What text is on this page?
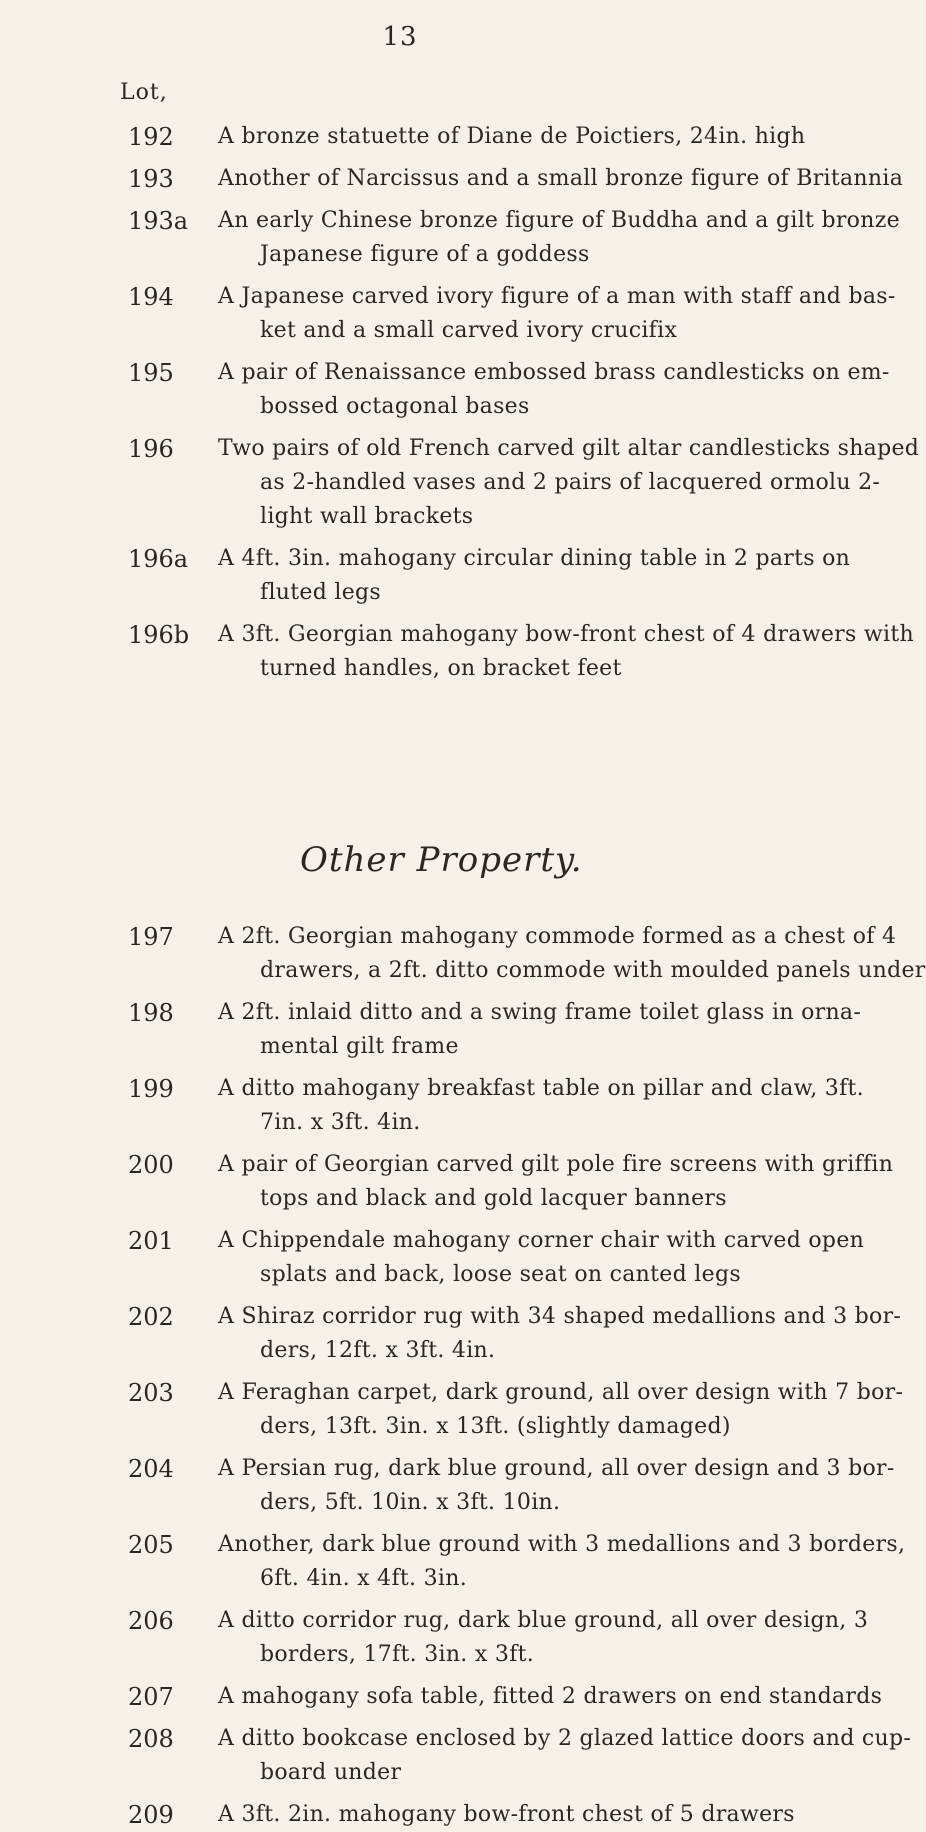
13
Lot,
Other Property.
192	A bronze statuette of Diane de Poictiers, 24in. high
193	Another of Narcissus and a small bronze figure of Britannia
193a An early Chinese bronze figure of Buddha and a gilt bronze
Japanese figure of a goddess
194	A Japanese carved ivory figure of a man with staff and bas-
ket and a small carved ivory crucifix
195	A pair of Renaissance embossed brass candlesticks on em-
bossed octagonal bases
196	Two pairs of old French carved gilt altar candlesticks shaped
as 2-handled vases and 2 pairs of lacquered ormolu 2-
light wall brackets
196a A 4ft. 3in. mahogany circular dining table in 2 parts on
fluted legs
196b A 3ft. Georgian mahogany bow-front chest of 4 drawers with
turned handles, on bracket feet
197	A 2ft. Georgian mahogany commode formed as a chest of 4
drawers, a 2ft. ditto commode with moulded panels under
198	A 2ft. inlaid ditto and a swing frame toilet glass in orna-
mental gilt frame
199	A ditto mahogany breakfast table on pillar and claw, 3ft.
7in. x 3ft. 4in.
200	A pair of Georgian carved gilt pole fire screens with griffin
tops and black and gold lacquer banners
201	A Chippendale mahogany corner chair with carved open
splats and back, loose seat on canted legs
202	A Shiraz corridor rug with 34 shaped medallions and 3 bor-
ders, 12ft. x 3ft. 4in.
203	A Feraghan carpet, dark ground, all over design with 7 bor-
ders, 13ft. 3in. x 13ft. (slightly damaged)
204	A Persian rug, dark blue ground, all over design and 3 bor-
ders, 5ft. 10in. x 3ft. 10in.
205	Another, dark blue ground with 3 medallions and 3 borders,
6ft. 4in. x 4ft. 3in.
206	A ditto corridor rug, dark blue ground, all over design, 3
borders, 17ft. 3in. x 3ft.
207	A mahogany sofa table, fitted 2 drawers on end standards
208	A ditto bookcase enclosed by 2 glazed lattice doors and cup-
board under
209	A 3ft. 2in. mahogany bow-front chest of 5 drawers
